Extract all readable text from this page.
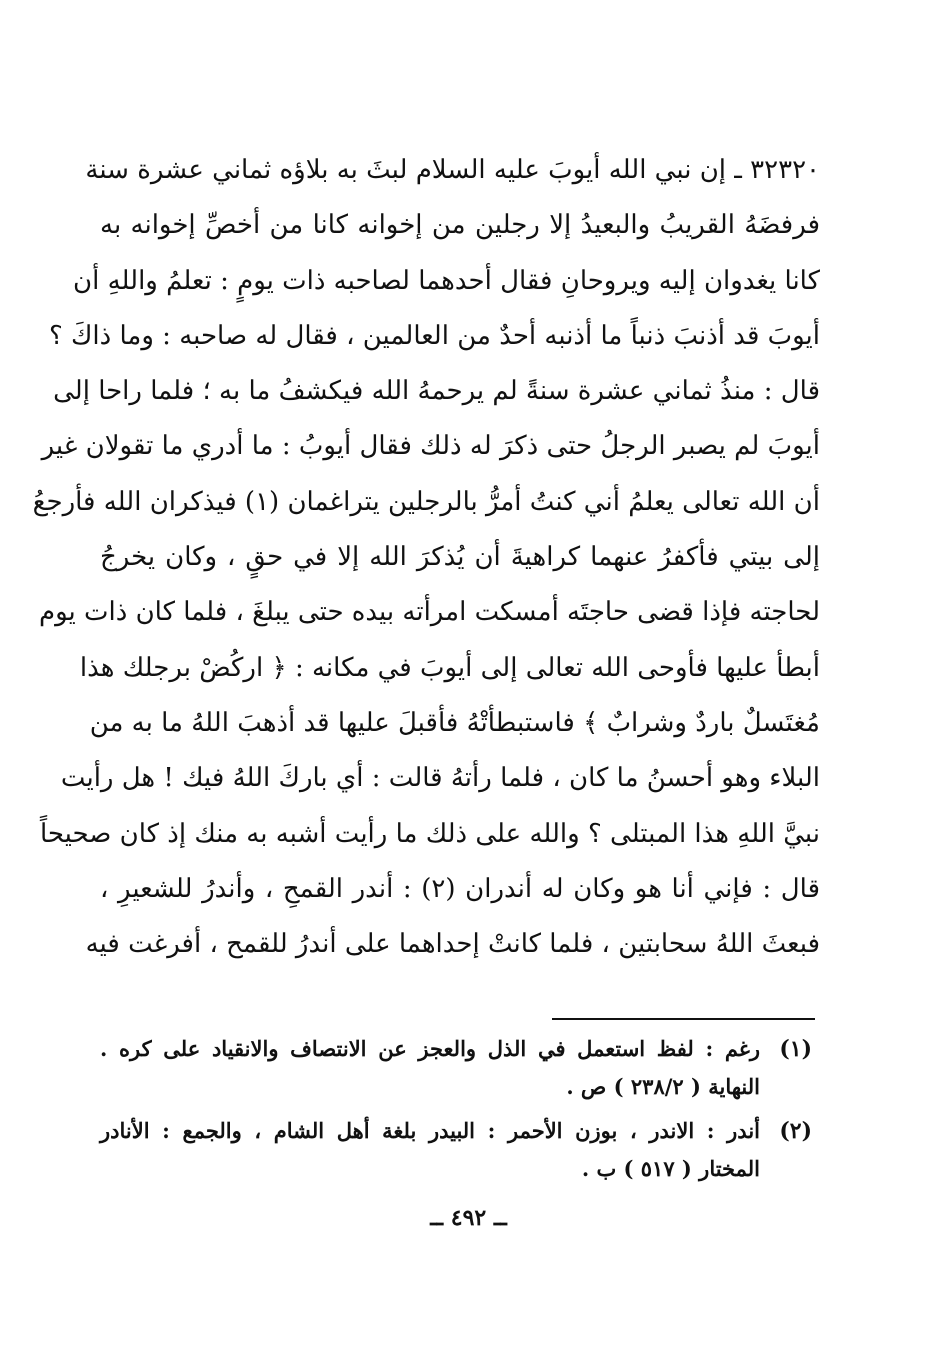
٣٢٣٢٠ ـ إن نبي الله أيوبَ عليه السلام لبثَ به بلاؤه ثماني عشرة سنة
فرفضَهُ القريبُ والبعيدُ إلا رجلين من إخوانه كانا من أخصِّ إخوانه به
كانا يغدوان إليه ويروحانِ فقال أحدهما لصاحبه ذات يومٍ : تعلمُ واللهِ أن
أيوبَ قد أذنبَ ذنباً ما أذنبه أحدٌ من العالمين ، فقال له صاحبه : وما ذاكَ ؟
قال : منذُ ثماني عشرة سنةً لم يرحمهُ الله فيكشفُ ما به ؛ فلما راحا إلى
أيوبَ لم يصبر الرجلُ حتى ذكرَ له ذلك فقال أيوبُ : ما أدري ما تقولان غير
أن الله تعالى يعلمُ أني كنتُ أمرُّ بالرجلين يتراغمان (١) فيذكران الله فأرجعُ
إلى بيتي فأكفرُ عنهما كراهيةَ أن يُذكرَ الله إلا في حقٍ ، وكان يخرجُ
لحاجته فإذا قضى حاجتَه أمسكت امرأته بيده حتى يبلغَ ، فلما كان ذات يوم
أبطأ عليها فأوحى الله تعالى إلى أيوبَ في مكانه : ﴿ اركُضْ برجلك هذا
مُغتَسلٌ باردٌ وشرابٌ ﴾ فاستبطأتْهُ فأقبلَ عليها قد أذهبَ اللهُ ما به من
البلاء وهو أحسنُ ما كان ، فلما رأتهُ قالت : أي باركَ اللهُ فيك ! هل رأيت
نبيَّ اللهِ هذا المبتلى ؟ والله على ذلك ما رأيت أشبه به منك إذ كان صحيحاً
قال : فإني أنا هو وكان له أندران (٢) : أندر القمحِ ، وأندرُ للشعيرِ ،
فبعثَ اللهُ سحابتين ، فلما كانتْ إحداهما على أندرُ للقمح ، أفرغت فيه
(١)
رغم : لفظ استعمل في الذل والعجز عن الانتصاف والانقياد على كره .
النهاية ( ٢٣٨/٢ ) ص .
(٢)
أندر : الاندر ، بوزن الأحمر : البيدر بلغة أهل الشام ، والجمع : الأنادر
المختار ( ٥١٧ ) ب .
ــ ٤٩٢ ــ
